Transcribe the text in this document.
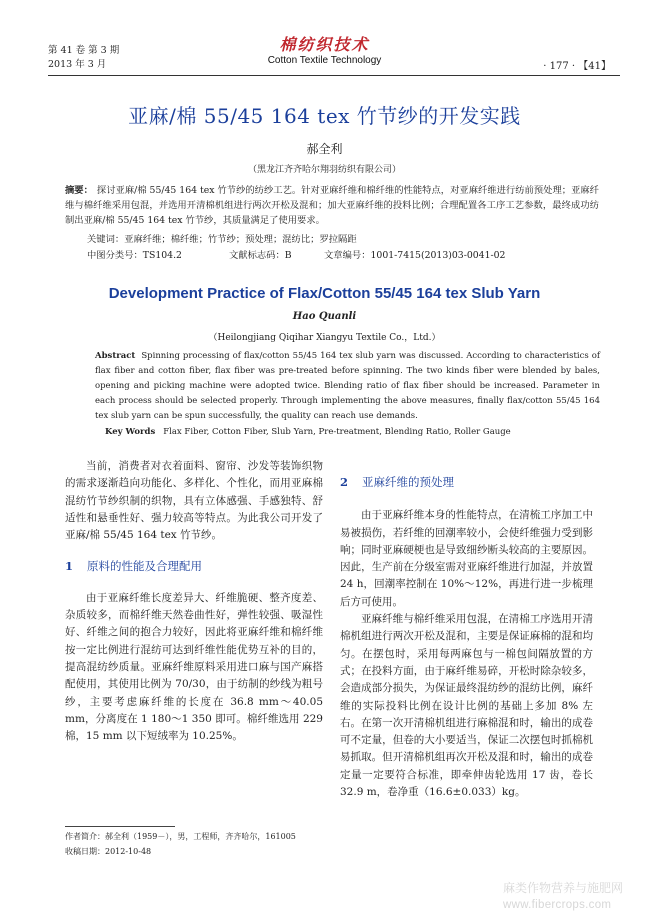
第 41 卷 第 3 期
2013 年 3 月
棉纺织技术
Cotton Textile Technology
· 177 · 【41】
亚麻/棉 55/45 164 tex 竹节纱的开发实践
郝全利
（黑龙江齐齐哈尔翔羽纺织有限公司）
摘要： 探讨亚麻/棉 55/45 164 tex 竹节纱的纺纱工艺。针对亚麻纤维和棉纤维的性能特点，对亚麻纤维进行纺前预处理；亚麻纤维与棉纤维采用包混，并选用开清棉机组进行两次开松及混和；加大亚麻纤维的投料比例；合理配置各工序工艺参数，最终成功纺制出亚麻/棉 55/45 164 tex 竹节纱，其质量满足了使用要求。
关键词：亚麻纤维；棉纤维；竹节纱；预处理；混纺比；罗拉隔距
中图分类号：TS104.2	文献标志码：B	文章编号：1001-7415(2013)03-0041-02
Development Practice of Flax/Cotton 55/45 164 tex Slub Yarn
Hao Quanli
（Heilongjiang Qiqihar Xiangyu Textile Co.，Ltd.）
Abstract Spinning processing of flax/cotton 55/45 164 tex slub yarn was discussed. According to characteristics of flax fiber and cotton fiber, flax fiber was pre-treated before spinning. The two kinds fiber were blended by bales, opening and picking machine were adopted twice. Blending ratio of flax fiber should be increased. Parameter in each process should be selected properly. Through implementing the above measures, finally flax/cotton 55/45 164 tex slub yarn can be spun successfully, the quality can reach use demands.
Key Words Flax Fiber, Cotton Fiber, Slub Yarn, Pre-treatment, Blending Ratio, Roller Gauge

当前，消费者对衣着面料、窗帘、沙发等装饰织物的需求逐渐趋向功能化、多样化、个性化，而用亚麻棉混纺竹节纱织制的织物，具有立体感强、手感独特、舒适性和悬垂性好、强力较高等特点。为此我公司开发了亚麻/棉 55/45 164 tex 竹节纱。

1 原料的性能及合理配用

由于亚麻纤维长度差异大、纤维脆硬、整齐度差、杂质较多，而棉纤维天然卷曲性好，弹性较强、吸湿性好、纤维之间的抱合力较好，因此将亚麻纤维和棉纤维按一定比例进行混纺可达到纤维性能优势互补的目的，提高混纺纱质量。亚麻纤维原料采用进口麻与国产麻搭配使用，其使用比例为 70/30，由于纺制的纱线为粗号纱，主要考虑麻纤维的长度在 36.8 mm～40.05 mm，分离度在 1 180～1 350 即可。棉纤维选用 229 棉，15 mm 以下短绒率为 10.25%。

2 亚麻纤维的预处理

由于亚麻纤维本身的性能特点，在清梳工序加工中易被损伤，若纤维的回潮率较小，会使纤维强力受到影响；同时亚麻硬梗也是导致细纱断头较高的主要原因。因此，生产前在分级室需对亚麻纤维进行加湿，并放置 24 h，回潮率控制在 10%～12%，再进行进一步梳理后方可使用。

亚麻纤维与棉纤维采用包混，在清棉工序选用开清棉机组进行两次开松及混和，主要是保证麻棉的混和均匀。在摆包时，采用每两麻包与一棉包间隔放置的方式；在投料方面，由于麻纤维易碎，开松时除杂较多，会造成部分损失，为保证最终混纺纱的混纺比例，麻纤维的实际投料比例在设计比例的基础上多加 8% 左右。在第一次开清棉机组进行麻棉混和时，输出的成卷可不定量，但卷的大小要适当，保证二次摆包时抓棉机易抓取。但开清棉机组再次开松及混和时，输出的成卷定量一定要符合标准，即牵伸齿轮选用 17 齿，卷长 32.9 m，卷净重（16.6±0.033）kg。

作者简介：郝全利（1959－），男，工程师，齐齐哈尔，161005
收稿日期：2012-10-48
麻类作物营养与施肥网
www.fibercrops.com
